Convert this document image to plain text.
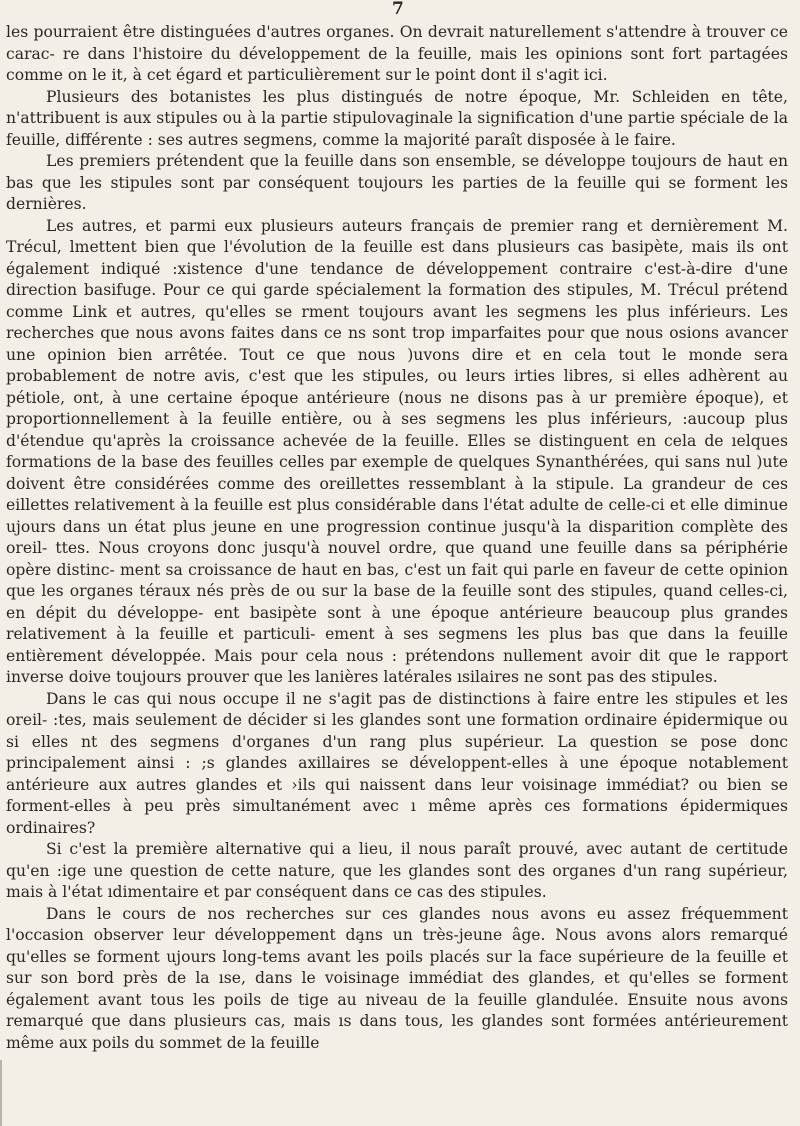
7

les pourraient être distinguées d'autres organes. On devrait naturellement s'attendre à trouver ce carac- re dans l'histoire du développement de la feuille, mais les opinions sont fort partagées comme on le it, à cet égard et particulièrement sur le point dont il s'agit ici.

Plusieurs des botanistes les plus distingués de notre époque, Mr. Schleiden en tête, n'attribuent is aux stipules ou à la partie stipulovaginale la signification d'une partie spéciale de la feuille, différente : ses autres segmens, comme la majorité paraît disposée à le faire.

Les premiers prétendent que la feuille dans son ensemble, se développe toujours de haut en bas que les stipules sont par conséquent toujours les parties de la feuille qui se forment les dernières.

Les autres, et parmi eux plusieurs auteurs français de premier rang et dernièrement M. Trécul, lmettent bien que l'évolution de la feuille est dans plusieurs cas basipète, mais ils ont également indiqué :xistence d'une tendance de développement contraire c'est-à-dire d'une direction basifuge. Pour ce qui garde spécialement la formation des stipules, M. Trécul prétend comme Link et autres, qu'elles se rment toujours avant les segmens les plus inférieurs. Les recherches que nous avons faites dans ce ns sont trop imparfaites pour que nous osions avancer une opinion bien arrêtée. Tout ce que nous )uvons dire et en cela tout le monde sera probablement de notre avis, c'est que les stipules, ou leurs irties libres, si elles adhèrent au pétiole, ont, à une certaine époque antérieure (nous ne disons pas à ur première époque), et proportionnellement à la feuille entière, ou à ses segmens les plus inférieurs, :aucoup plus d'étendue qu'après la croissance achevée de la feuille. Elles se distinguent en cela de ıelques formations de la base des feuilles celles par exemple de quelques Synanthérées, qui sans nul )ute doivent être considérées comme des oreillettes ressemblant à la stipule. La grandeur de ces eillettes relativement à la feuille est plus considérable dans l'état adulte de celle-ci et elle diminue ujours dans un état plus jeune en une progression continue jusqu'à la disparition complète des oreil- ttes. Nous croyons donc jusqu'à nouvel ordre, que quand une feuille dans sa périphérie opère distinc- ment sa croissance de haut en bas, c'est un fait qui parle en faveur de cette opinion que les organes téraux nés près de ou sur la base de la feuille sont des stipules, quand celles-ci, en dépit du développe- ent basipète sont à une époque antérieure beaucoup plus grandes relativement à la feuille et particuli- ement à ses segmens les plus bas que dans la feuille entièrement développée. Mais pour cela nous : prétendons nullement avoir dit que le rapport inverse doive toujours prouver que les lanières latérales ısilaires ne sont pas des stipules.

Dans le cas qui nous occupe il ne s'agit pas de distinctions à faire entre les stipules et les oreil- :tes, mais seulement de décider si les glandes sont une formation ordinaire épidermique ou si elles nt des segmens d'organes d'un rang plus supérieur. La question se pose donc principalement ainsi : ;s glandes axillaires se développent-elles à une époque notablement antérieure aux autres glandes et ›ils qui naissent dans leur voisinage immédiat? ou bien se forment-elles à peu près simultanément avec ı même après ces formations épidermiques ordinaires?

Si c'est la première alternative qui a lieu, il nous paraît prouvé, avec autant de certitude qu'en :ige une question de cette nature, que les glandes sont des organes d'un rang supérieur, mais à l'état ıdimentaire et par conséquent dans ce cas des stipules.

Dans le cours de nos recherches sur ces glandes nous avons eu assez fréquemment l'occasion observer leur développement da̧ns un très-jeune âge. Nous avons alors remarqué qu'elles se forment ujours long-tems avant les poils placés sur la face supérieure de la feuille et sur son bord près de la ıse, dans le voisinage immédiat des glandes, et qu'elles se forment également avant tous les poils de tige au niveau de la feuille glandulée. Ensuite nous avons remarqué que dans plusieurs cas, mais ıs dans tous, les glandes sont formées antérieurement même aux poils du sommet de la feuille
